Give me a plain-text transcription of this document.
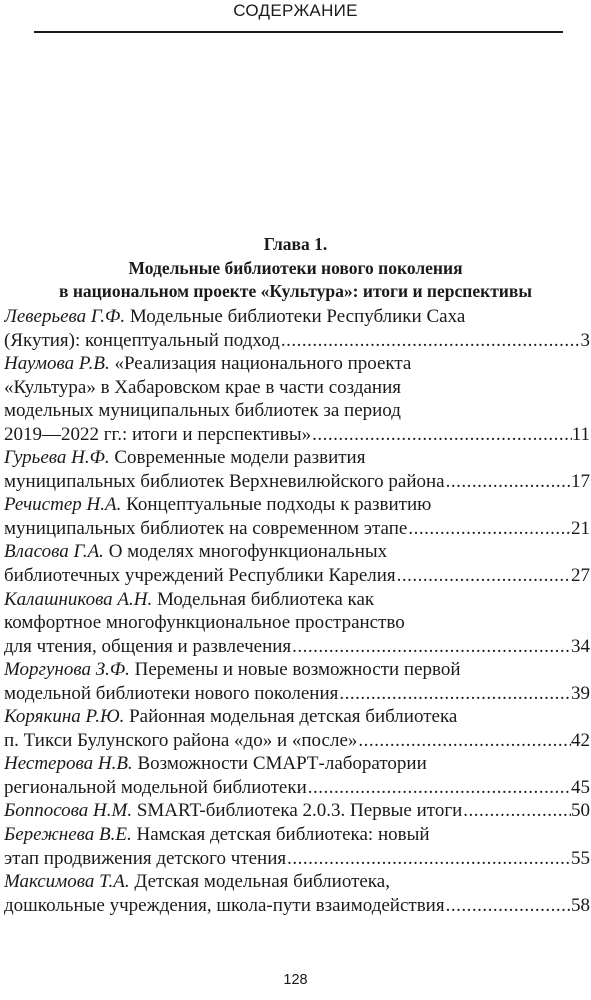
СОДЕРЖАНИЕ
Глава 1.
Модельные библиотеки нового поколения
в национальном проекте «Культура»: итоги и перспективы
Леверьева Г.Ф. Модельные библиотеки Республики Саха
(Якутия): концептуальный подход .....	3
Наумова Р.В. «Реализация национального проекта
«Культура» в Хабаровском крае в части создания
модельных муниципальных библиотек за период
2019—2022 гг.: итоги и перспективы» .....	11
Гурьева Н.Ф. Современные модели развития
муниципальных библиотек Верхневилюйского района .....	17
Речистер Н.А. Концептуальные подходы к развитию
муниципальных библиотек на современном этапе .....	21
Власова Г.А. О моделях многофункциональных
библиотечных учреждений Республики Карелия .....	27
Калашникова А.Н. Модельная библиотека как
комфортное многофункциональное пространство
для чтения, общения и развлечения .....	34
Моргунова З.Ф. Перемены и новые возможности первой
модельной библиотеки нового поколения .....	39
Корякина Р.Ю. Районная модельная детская библиотека
п. Тикси Булунского района «до» и «после» .....	42
Нестерова Н.В. Возможности СМАРТ-лаборатории
региональной модельной библиотеки .....	45
Боппосова Н.М.
SMART-библиотека 2.0.3. Первые итоги .....	50
Бережнева В.Е. Намская детская библиотека: новый
этап продвижения детского чтения .....	55
Максимова Т.А. Детская модельная библиотека,
дошкольные учреждения, школа-пути взаимодействия .....	58
128
